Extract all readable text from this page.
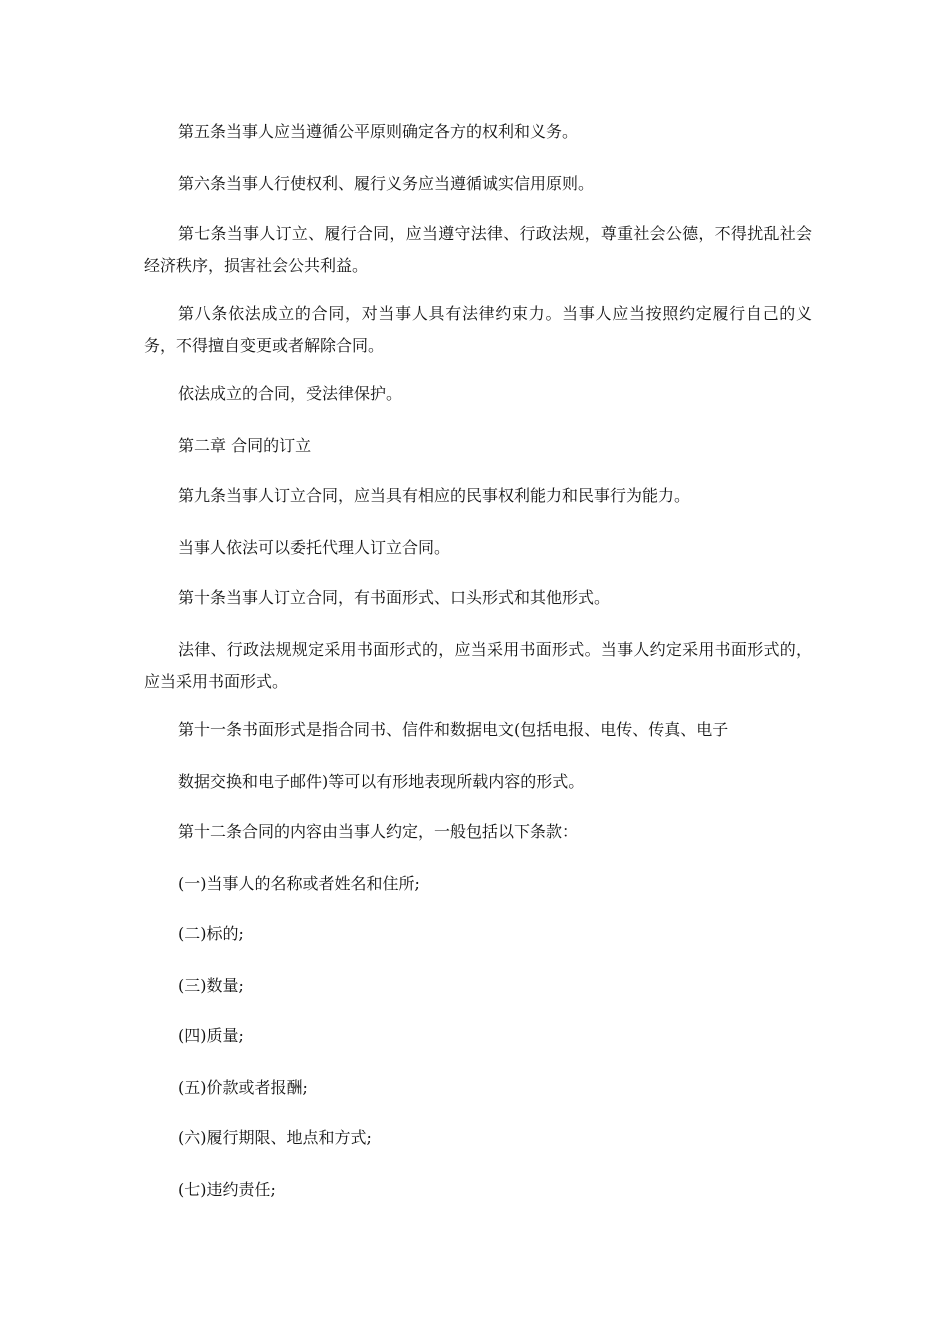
第五条当事人应当遵循公平原则确定各方的权利和义务。

第六条当事人行使权利、履行义务应当遵循诚实信用原则。

第七条当事人订立、履行合同，应当遵守法律、行政法规，尊重社会公德，不得扰乱社会经济秩序，损害社会公共利益。

第八条依法成立的合同，对当事人具有法律约束力。当事人应当按照约定履行自己的义务，不得擅自变更或者解除合同。

依法成立的合同，受法律保护。

第二章 合同的订立

第九条当事人订立合同，应当具有相应的民事权利能力和民事行为能力。

当事人依法可以委托代理人订立合同。

第十条当事人订立合同，有书面形式、口头形式和其他形式。

法律、行政法规规定采用书面形式的，应当采用书面形式。当事人约定采用书面形式的，应当采用书面形式。

第十一条书面形式是指合同书、信件和数据电文(包括电报、电传、传真、电子

数据交换和电子邮件)等可以有形地表现所载内容的形式。

第十二条合同的内容由当事人约定，一般包括以下条款：

(一)当事人的名称或者姓名和住所;

(二)标的;

(三)数量;

(四)质量;

(五)价款或者报酬;

(六)履行期限、地点和方式;

(七)违约责任;
